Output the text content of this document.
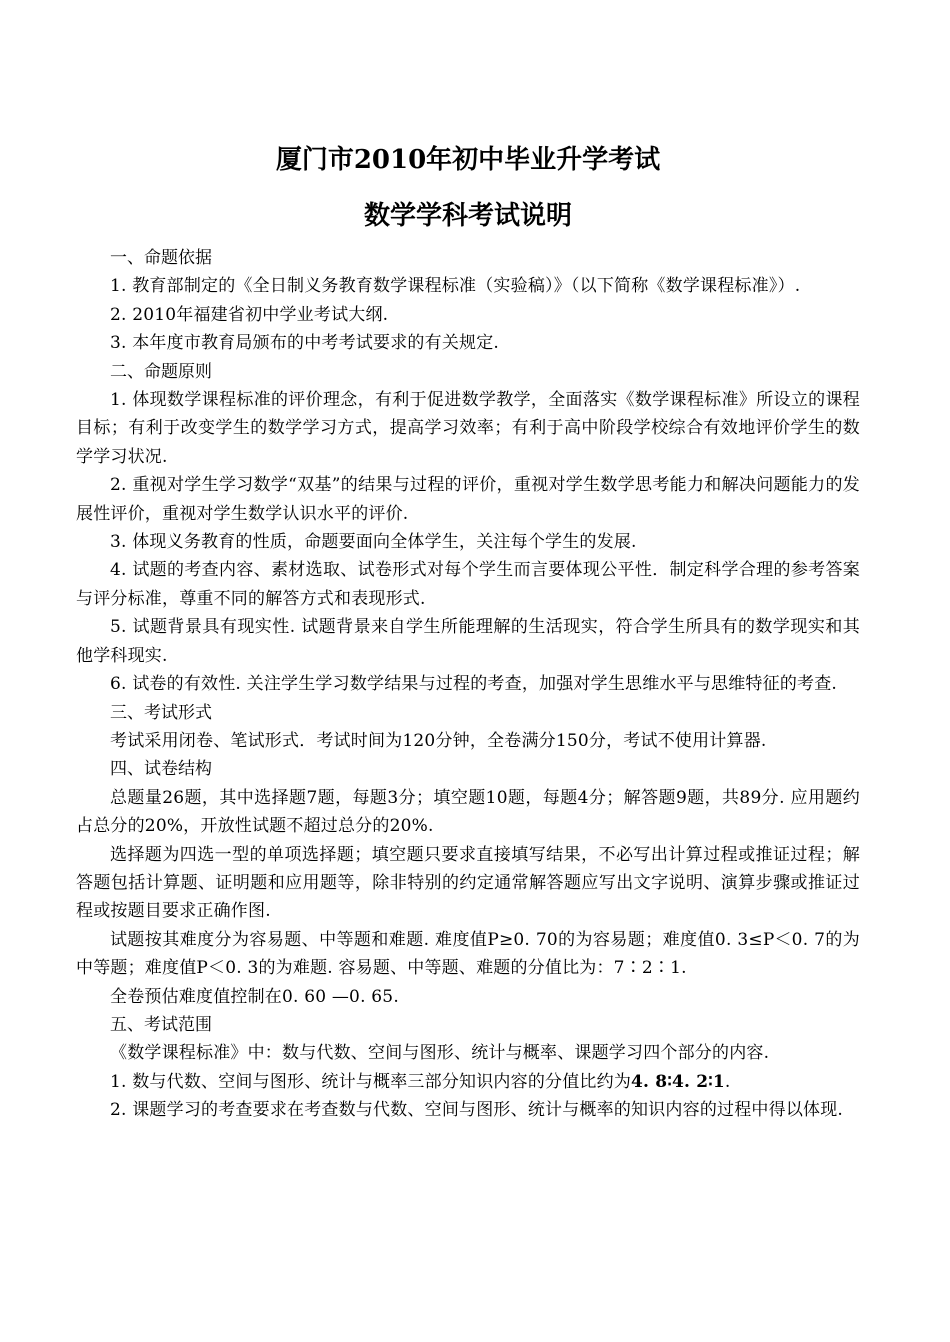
厦门市2010年初中毕业升学考试
数学学科考试说明

一、命题依据

1. 教育部制定的《全日制义务教育数学课程标准（实验稿）》（以下简称《数学课程标准》）.

2. 2010年福建省初中学业考试大纲.

3. 本年度市教育局颁布的中考考试要求的有关规定.

二、命题原则

1. 体现数学课程标准的评价理念，有利于促进数学教学，全面落实《数学课程标准》所设立的课程目标；有利于改变学生的数学学习方式，提高学习效率；有利于高中阶段学校综合有效地评价学生的数学学习状况.

2. 重视对学生学习数学“双基”的结果与过程的评价，重视对学生数学思考能力和解决问题能力的发展性评价，重视对学生数学认识水平的评价.

3. 体现义务教育的性质，命题要面向全体学生，关注每个学生的发展.

4. 试题的考查内容、素材选取、试卷形式对每个学生而言要体现公平性．制定科学合理的参考答案与评分标准，尊重不同的解答方式和表现形式.

5. 试题背景具有现实性. 试题背景来自学生所能理解的生活现实，符合学生所具有的数学现实和其他学科现实.

6. 试卷的有效性. 关注学生学习数学结果与过程的考查，加强对学生思维水平与思维特征的考查.

三、考试形式

考试采用闭卷、笔试形式．考试时间为120分钟，全卷满分150分，考试不使用计算器.

四、试卷结构

总题量26题，其中选择题7题，每题3分；填空题10题，每题4分；解答题9题，共89分. 应用题约占总分的20%，开放性试题不超过总分的20%.

选择题为四选一型的单项选择题；填空题只要求直接填写结果，不必写出计算过程或推证过程；解答题包括计算题、证明题和应用题等，除非特别的约定通常解答题应写出文字说明、演算步骤或推证过程或按题目要求正确作图.

试题按其难度分为容易题、中等题和难题. 难度值P≥0. 70的为容易题；难度值0. 3≤P＜0. 7的为中等题；难度值P＜0. 3的为难题. 容易题、中等题、难题的分值比为：7∶2∶1.

全卷预估难度值控制在0. 60 —0. 65.

五、考试范围

《数学课程标准》中：数与代数、空间与图形、统计与概率、课题学习四个部分的内容.

1. 数与代数、空间与图形、统计与概率三部分知识内容的分值比约为4. 8∶4. 2∶1.

2. 课题学习的考查要求在考查数与代数、空间与图形、统计与概率的知识内容的过程中得以体现.
